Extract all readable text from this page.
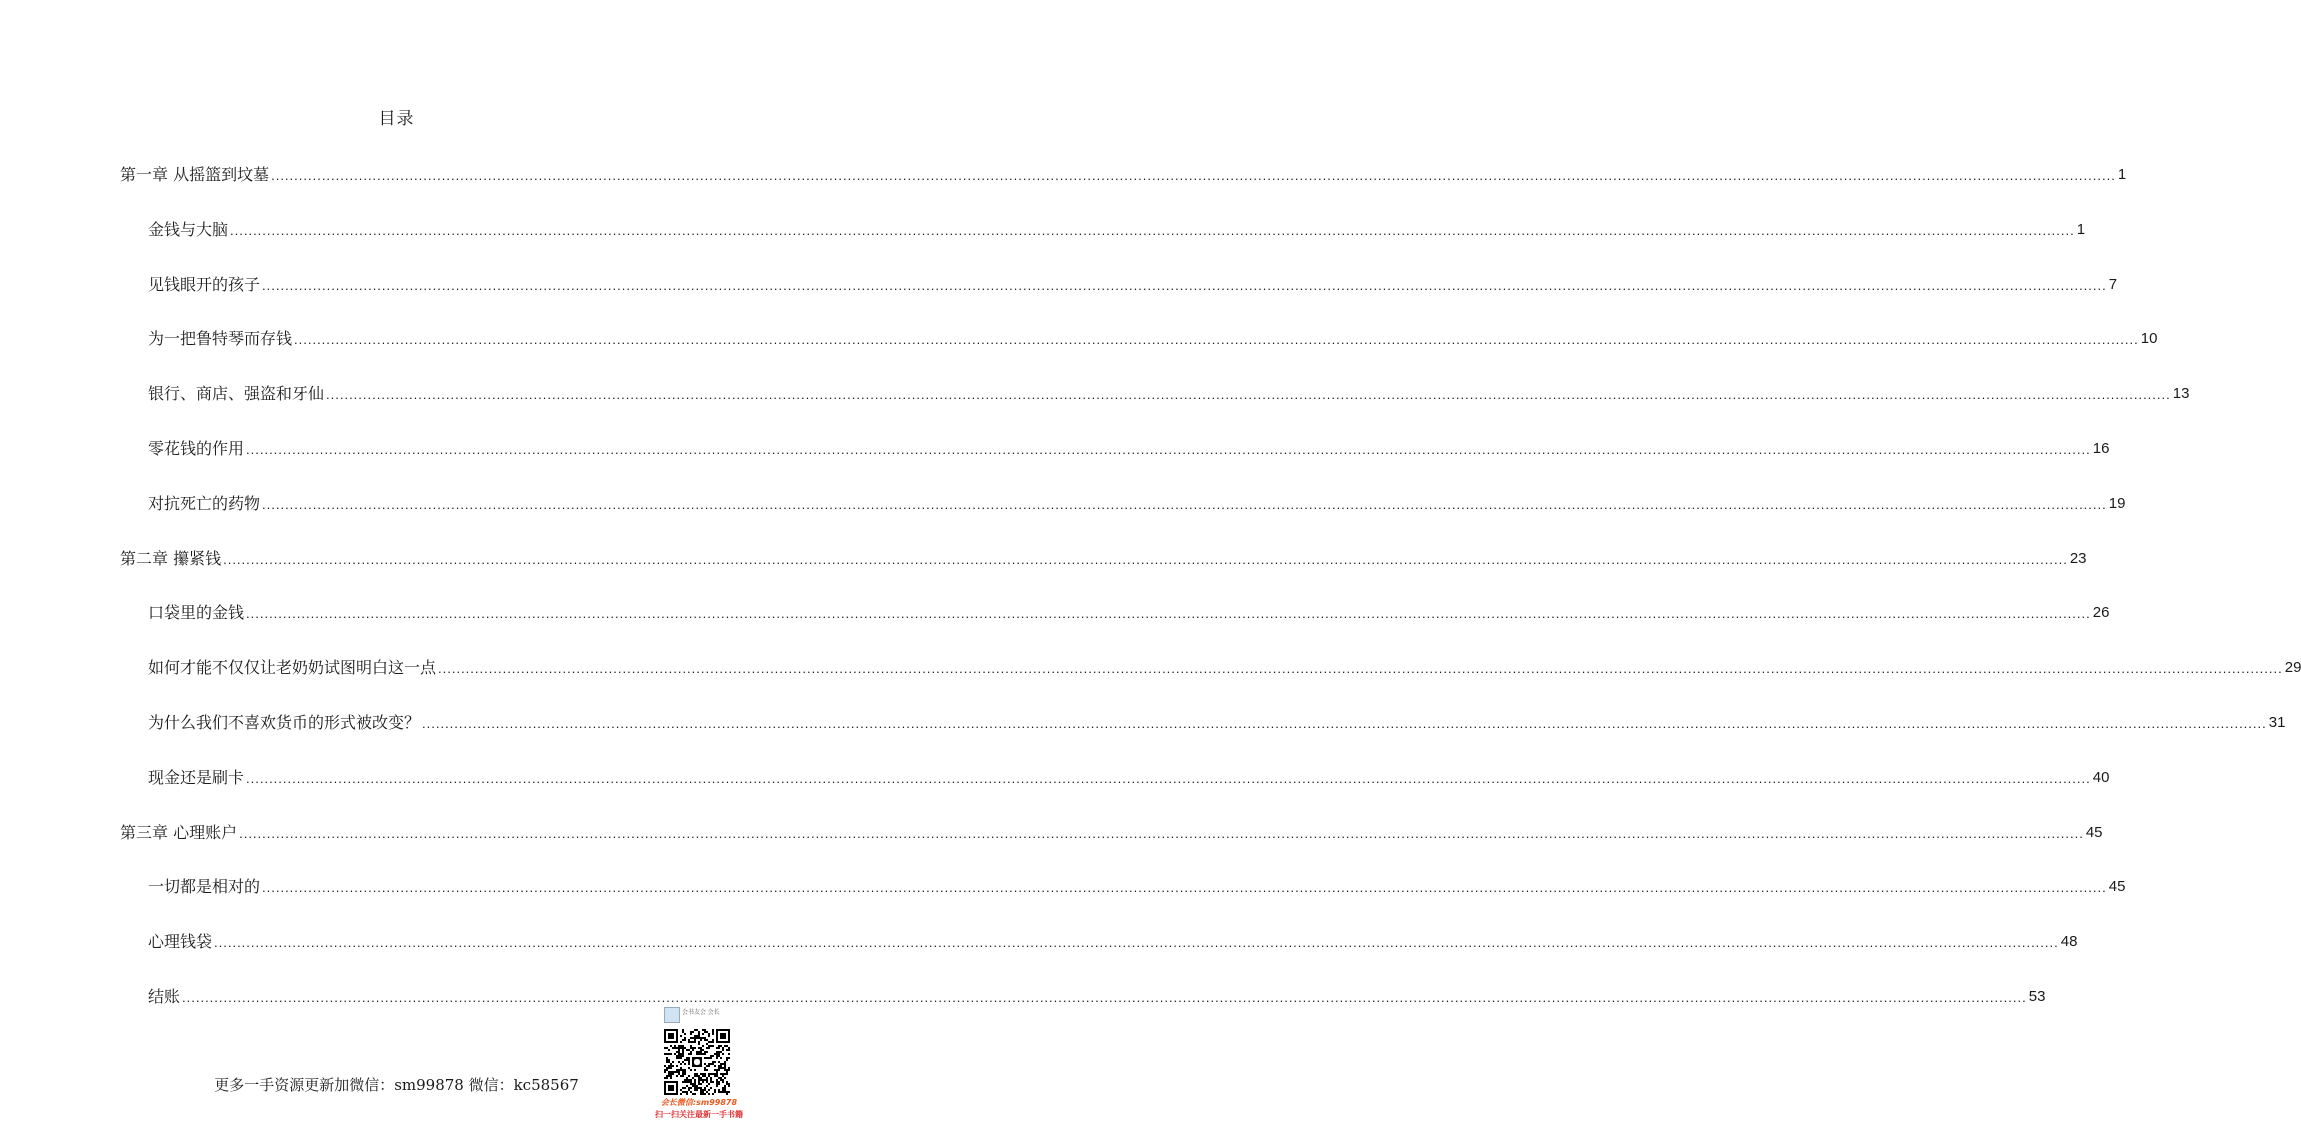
目录
第一章 从摇篮到坟墓 ................................................................................................................................................................................................................................................................................................................................................................................................................ 1
金钱与大脑 ................................................................................................................................................................................................................................................................................................................................................................................................................ 1
见钱眼开的孩子 ................................................................................................................................................................................................................................................................................................................................................................................................................ 7
为一把鲁特琴而存钱 ................................................................................................................................................................................................................................................................................................................................................................................................................ 10
银行、商店、强盗和牙仙 ................................................................................................................................................................................................................................................................................................................................................................................................................ 13
零花钱的作用 ................................................................................................................................................................................................................................................................................................................................................................................................................ 16
对抗死亡的药物 ................................................................................................................................................................................................................................................................................................................................................................................................................ 19
第二章 攥紧钱 ................................................................................................................................................................................................................................................................................................................................................................................................................ 23
口袋里的金钱 ................................................................................................................................................................................................................................................................................................................................................................................................................ 26
如何才能不仅仅让老奶奶试图明白这一点 ................................................................................................................................................................................................................................................................................................................................................................................................................ 29
为什么我们不喜欢货币的形式被改变？ ................................................................................................................................................................................................................................................................................................................................................................................................................ 31
现金还是刷卡 ................................................................................................................................................................................................................................................................................................................................................................................................................ 40
第三章 心理账户 ................................................................................................................................................................................................................................................................................................................................................................................................................ 45
一切都是相对的 ................................................................................................................................................................................................................................................................................................................................................................................................................ 45
心理钱袋 ................................................................................................................................................................................................................................................................................................................................................................................................................ 48
结账 ................................................................................................................................................................................................................................................................................................................................................................................................................ 53
更多一手资源更新加微信：sm99878 微信：kc58567
会书友会 会长
会长微信:sm99878
扫一扫关注最新一手书籍
